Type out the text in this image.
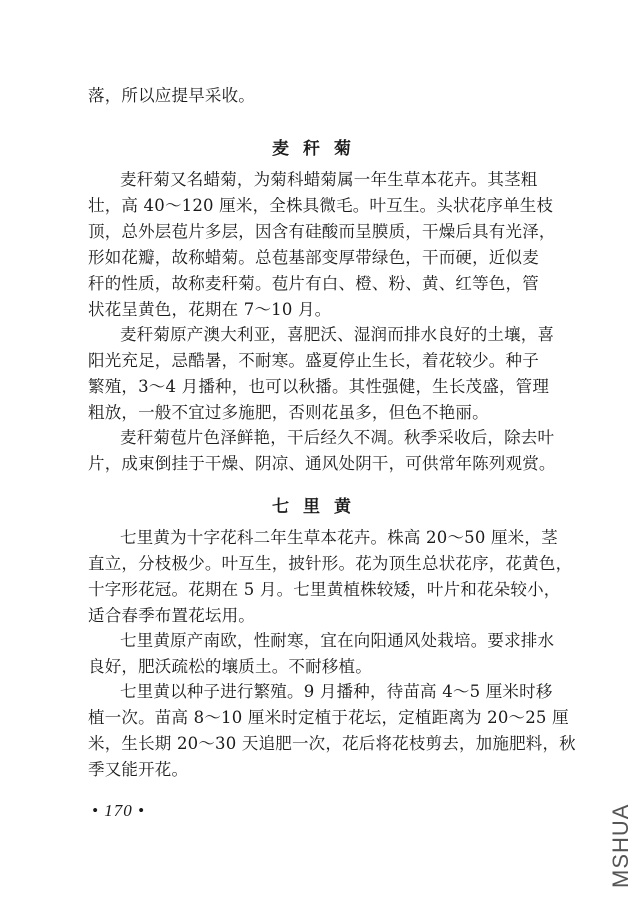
落，所以应提早采收。
麦秆菊
麦秆菊又名蜡菊，为菊科蜡菊属一年生草本花卉。其茎粗
壮，高 40～120 厘米，全株具微毛。叶互生。头状花序单生枝
顶，总外层苞片多层，因含有硅酸而呈膜质，干燥后具有光泽，
形如花瓣，故称蜡菊。总苞基部变厚带绿色，干而硬，近似麦
秆的性质，故称麦秆菊。苞片有白、橙、粉、黄、红等色，管
状花呈黄色，花期在 7～10 月。
麦秆菊原产澳大利亚，喜肥沃、湿润而排水良好的土壤，喜
阳光充足，忌酷暑，不耐寒。盛夏停止生长，着花较少。种子
繁殖，3～4 月播种，也可以秋播。其性强健，生长茂盛，管理
粗放，一般不宜过多施肥，否则花虽多，但色不艳丽。
麦秆菊苞片色泽鲜艳，干后经久不凋。秋季采收后，除去叶
片，成束倒挂于干燥、阴凉、通风处阴干，可供常年陈列观赏。
七里黄
七里黄为十字花科二年生草本花卉。株高 20～50 厘米，茎
直立，分枝极少。叶互生，披针形。花为顶生总状花序，花黄色，
十字形花冠。花期在 5 月。七里黄植株较矮，叶片和花朵较小，
适合春季布置花坛用。
七里黄原产南欧，性耐寒，宜在向阳通风处栽培。要求排水
良好，肥沃疏松的壤质土。不耐移植。
七里黄以种子进行繁殖。9 月播种，待苗高 4～5 厘米时移
植一次。苗高 8～10 厘米时定植于花坛，定植距离为 20～25 厘
米，生长期 20～30 天追肥一次，花后将花枝剪去，加施肥料，秋
季又能开花。
• 170 •	MSHUA
